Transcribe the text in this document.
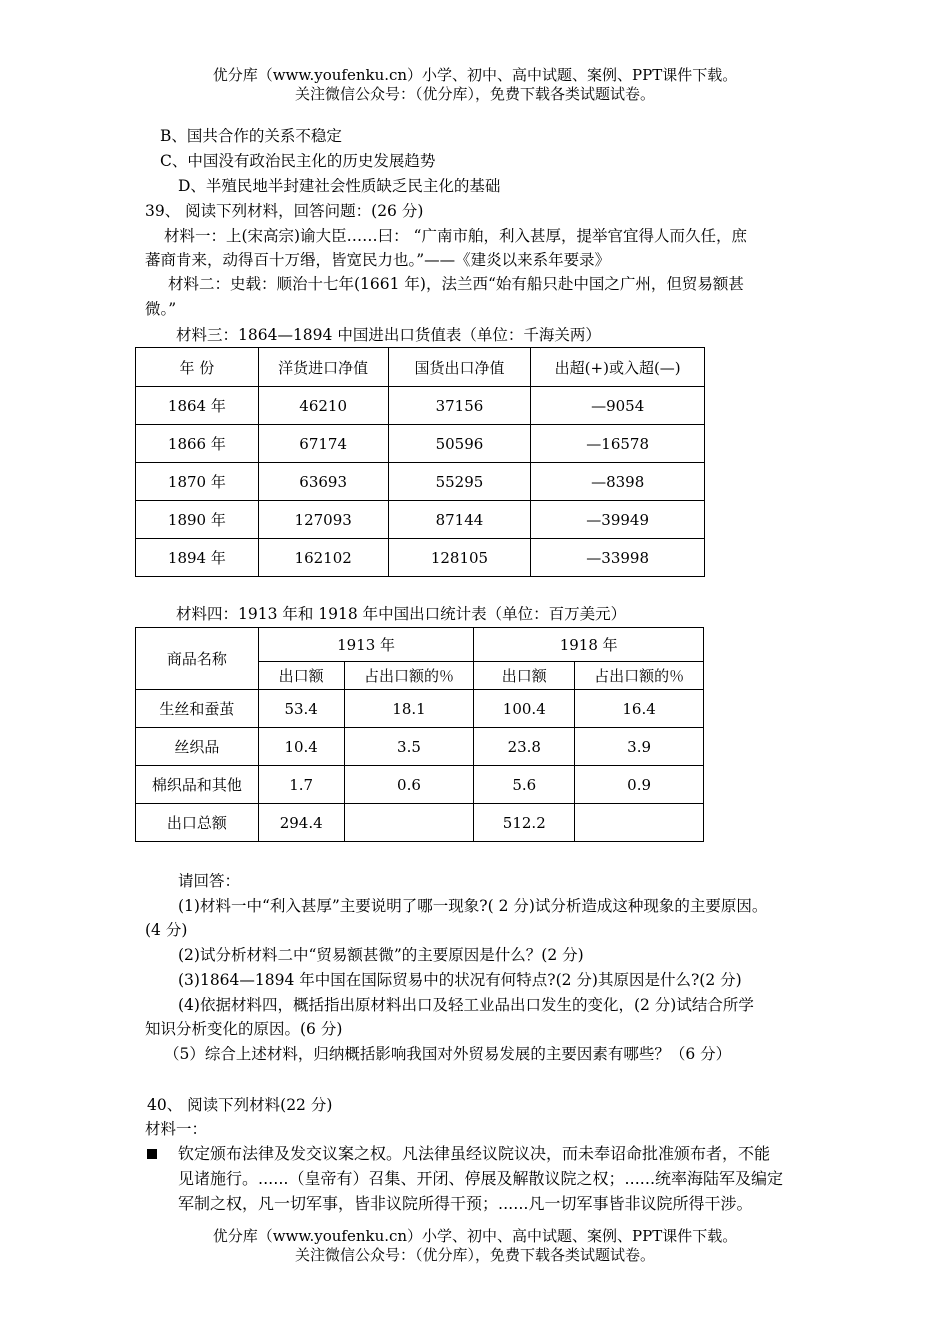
优分库（www.youfenku.cn）小学、初中、高中试题、案例、PPT课件下载。
关注微信公众号：（优分库），免费下载各类试题试卷。
B、国共合作的关系不稳定
C、中国没有政治民主化的历史发展趋势
D、半殖民地半封建社会性质缺乏民主化的基础
39、 阅读下列材料，回答问题：(26 分)
材料一：上(宋高宗)谕大臣……曰： “广南市舶，利入甚厚，提举官宜得人而久任，庶
蕃商肯来，动得百十万缗，皆宽民力也。”——《建炎以来系年要录》
材料二：史载：顺治十七年(1661 年)，法兰西“始有船只赴中国之广州，但贸易额甚
微。”
材料三：1864—1894 中国进出口货值表（单位：千海关两）
年 份	洋货进口净值	国货出口净值	出超(+)或入超(—)
1864 年	46210	37156	—9054
1866 年	67174	50596	—16578
1870 年	63693	55295	—8398
1890 年	127093	87144	—39949
1894 年	162102	128105	—33998
材料四：1913 年和 1918 年中国出口统计表（单位：百万美元）
商品名称	1913 年		1918 年	
	出口额	占出口额的％	出口额	占出口额的％
生丝和蚕茧	53.4	18.1	100.4	16.4
丝织品	10.4	3.5	23.8	3.9
棉织品和其他	1.7	0.6	5.6	0.9
出口总额	294.4		512.2	
请回答：
(1)材料一中“利入甚厚”主要说明了哪一现象?( 2 分)试分析造成这种现象的主要原因。
(4 分)
(2)试分析材料二中“贸易额甚微”的主要原因是什么？(2 分)
(3)1864—1894 年中国在国际贸易中的状况有何特点?(2 分)其原因是什么?(2 分)
(4)依据材料四，概括指出原材料出口及轻工业品出口发生的变化，(2 分)试结合所学
知识分析变化的原因。(6 分)
（5）综合上述材料，归纳概括影响我国对外贸易发展的主要因素有哪些？（6 分）
40、 阅读下列材料(22 分)
材料一：
钦定颁布法律及发交议案之权。凡法律虽经议院议决，而未奉诏命批准颁布者，不能
见诸施行。......（皇帝有）召集、开闭、停展及解散议院之权；......统率海陆军及编定
军制之权，凡一切军事，皆非议院所得干预；......凡一切军事皆非议院所得干涉。
优分库（www.youfenku.cn）小学、初中、高中试题、案例、PPT课件下载。
关注微信公众号：（优分库），免费下载各类试题试卷。
